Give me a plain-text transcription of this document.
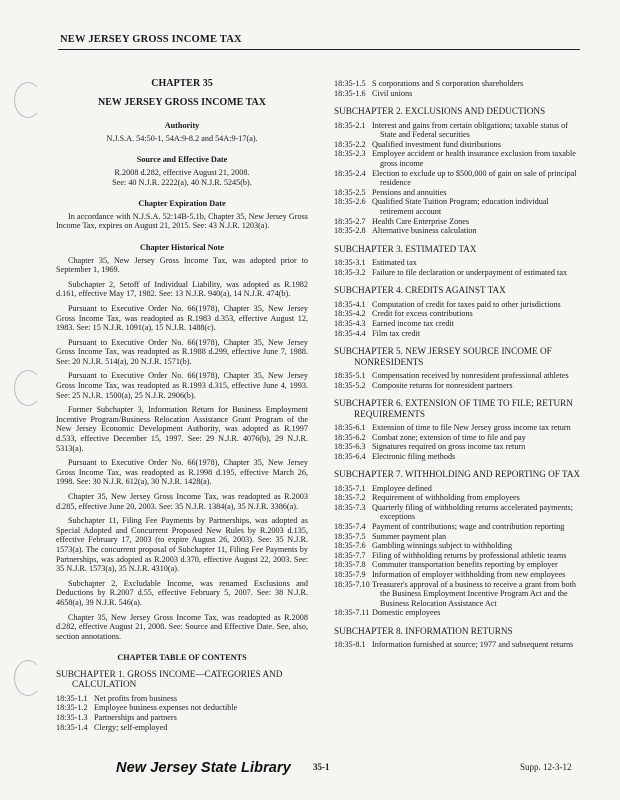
NEW JERSEY GROSS INCOME TAX
CHAPTER 35
NEW JERSEY GROSS INCOME TAX
Authority

N.J.S.A. 54:50-1, 54A:9-8.2 and 54A:9-17(a).

Source and Effective Date

R.2008 d.282, effective August 21, 2008.

See: 40 N.J.R. 2222(a), 40 N.J.R. 5245(b).

Chapter Expiration Date

In accordance with N.J.S.A. 52:14B-5.1b, Chapter 35, New Jersey Gross Income Tax, expires on August 21, 2015. See: 43 N.J.R. 1203(a).

Chapter Historical Note

Chapter 35, New Jersey Gross Income Tax, was adopted prior to September 1, 1969.

Subchapter 2, Setoff of Individual Liability, was adopted as R.1982 d.161, effective May 17, 1982. See: 13 N.J.R. 940(a), 14 N.J.R. 474(b).

Pursuant to Executive Order No. 66(1978), Chapter 35, New Jersey Gross Income Tax, was readopted as R.1983 d.353, effective August 12, 1983. See: 15 N.J.R. 1091(a), 15 N.J.R. 1488(c).

Pursuant to Executive Order No. 66(1978), Chapter 35, New Jersey Gross Income Tax, was readopted as R.1988 d.299, effective June 7, 1988. See: 20 N.J.R. 514(a), 20 N.J.R. 1571(b).

Pursuant to Executive Order No. 66(1978), Chapter 35, New Jersey Gross Income Tax, was readopted as R.1993 d.315, effective June 4, 1993. See: 25 N.J.R. 1500(a), 25 N.J.R. 2906(b).

Former Subchapter 3, Information Return for Business Employment Incentive Program/Business Relocation Assistance Grant Program of the New Jersey Economic Development Authority, was adopted as R.1997 d.533, effective December 15, 1997. See: 29 N.J.R. 4076(b), 29 N.J.R. 5313(a).

Pursuant to Executive Order No. 66(1978), Chapter 35, New Jersey Gross Income Tax, was readopted as R.1998 d.195, effective March 26, 1998. See: 30 N.J.R. 612(a), 30 N.J.R. 1428(a).

Chapter 35, New Jersey Gross Income Tax, was readopted as R.2003 d.285, effective June 20, 2003. See: 35 N.J.R. 1384(a), 35 N.J.R. 3386(a).

Subchapter 11, Filing Fee Payments by Partnerships, was adopted as Special Adopted and Concurrent Proposed New Rules by R.2003 d.135, effective February 17, 2003 (to expire August 26, 2003). See: 35 N.J.R. 1573(a). The concurrent proposal of Subchapter 11, Filing Fee Payments by Partnerships, was adopted as R.2003 d.370, effective August 22, 2003. See: 35 N.J.R. 1573(a), 35 N.J.R. 4310(a).

Subchapter 2, Excludable Income, was renamed Exclusions and Deductions by R.2007 d.55, effective February 5, 2007. See: 38 N.J.R. 4658(a), 39 N.J.R. 546(a).

Chapter 35, New Jersey Gross Income Tax, was readopted as R.2008 d.282, effective August 21, 2008. See: Source and Effective Date. See, also, section annotations.

CHAPTER TABLE OF CONTENTS
SUBCHAPTER 1. GROSS INCOME—CATEGORIES AND CALCULATION
18:35-1.1 Net profits from business
18:35-1.2 Employee business expenses not deductible
18:35-1.3 Partnerships and partners
18:35-1.4 Clergy; self-employed
18:35-1.5 S corporations and S corporation shareholders
18:35-1.6 Civil unions
SUBCHAPTER 2. EXCLUSIONS AND DEDUCTIONS
18:35-2.1 Interest and gains from certain obligations; taxable status of State and Federal securities
18:35-2.2 Qualified investment fund distributions
18:35-2.3 Employee accident or health insurance exclusion from taxable gross income
18:35-2.4 Election to exclude up to $500,000 of gain on sale of principal residence
18:35-2.5 Pensions and annuities
18:35-2.6 Qualified State Tuition Program; education individual retirement account
18:35-2.7 Health Care Enterprise Zones
18:35-2.8 Alternative business calculation
SUBCHAPTER 3. ESTIMATED TAX
18:35-3.1 Estimated tax
18:35-3.2 Failure to file declaration or underpayment of estimated tax
SUBCHAPTER 4. CREDITS AGAINST TAX
18:35-4.1 Computation of credit for taxes paid to other jurisdictions
18:35-4.2 Credit for excess contributions
18:35-4.3 Earned income tax credit
18:35-4.4 Film tax credit
SUBCHAPTER 5. NEW JERSEY SOURCE INCOME OF NONRESIDENTS
18:35-5.1 Compensation received by nonresident professional athletes
18:35-5.2 Composite returns for nonresident partners
SUBCHAPTER 6. EXTENSION OF TIME TO FILE; RETURN REQUIREMENTS
18:35-6.1 Extension of time to file New Jersey gross income tax return
18:35-6.2 Combat zone; extension of time to file and pay
18:35-6.3 Signatures required on gross income tax return
18:35-6.4 Electronic filing methods
SUBCHAPTER 7. WITHHOLDING AND REPORTING OF TAX
18:35-7.1 Employee defined
18:35-7.2 Requirement of withholding from employees
18:35-7.3 Quarterly filing of withholding returns accelerated payments; exceptions
18:35-7.4 Payment of contributions; wage and contribution reporting
18:35-7.5 Summer payment plan
18:35-7.6 Gambling winnings subject to withholding
18:35-7.7 Filing of withholding returns by professional athletic teams
18:35-7.8 Commuter transportation benefits reporting by employer
18:35-7.9 Information of employer withholding from new employees
18:35-7.10 Treasurer's approval of a business to receive a grant from both the Business Employment Incentive Program Act and the Business Relocation Assistance Act
18:35-7.11 Domestic employees
SUBCHAPTER 8. INFORMATION RETURNS
18:35-8.1 Information furnished at source; 1977 and subsequent returns
New Jersey State Library 35-1	Supp. 12-3-12
